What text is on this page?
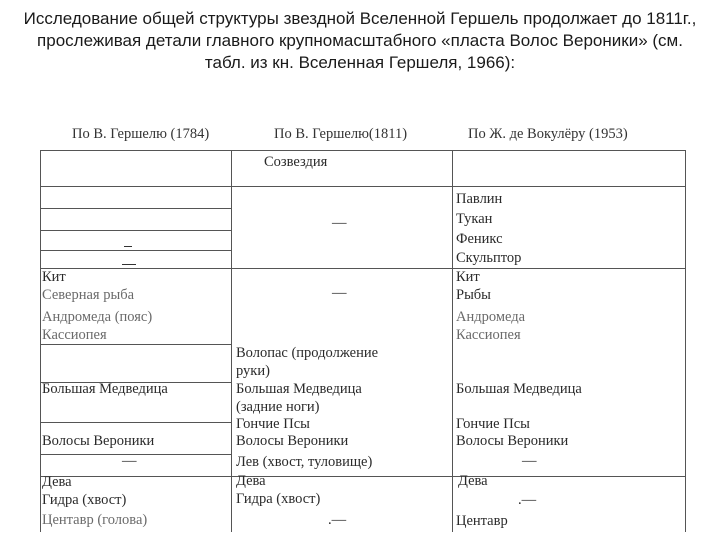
Исследование общей структуры звездной Вселенной Гершель продолжает до 1811г., прослеживая детали главного крупномасштабного «пласта Волос Вероники» (см. табл. из кн. Вселенная Гершеля, 1966):

По В. Гершелю (1784)	По В. Гершелю(1811)	По Ж. де Вокулёру (1953)
Созвездия
Кит
Северная рыба
Андромеда (пояс)
Кассиопея
Большая Медведица
Волосы Вероники
—
Дева
Гидра (хвост)
Центавр (голова)
—
—
Волопас (продолжение
руки)
Большая Медведица
(задние ноги)
Гончие Псы
Волосы Вероники
Лев (хвост, туловище)
Дева
Гидра (хвост)
.—
Павлин
Тукан
Феникс
Скульптор
Кит
Рыбы
Андромеда
Кассиопея
Большая Медведица
Гончие Псы
Волосы Вероники
—
Дева
.—
Центавр
